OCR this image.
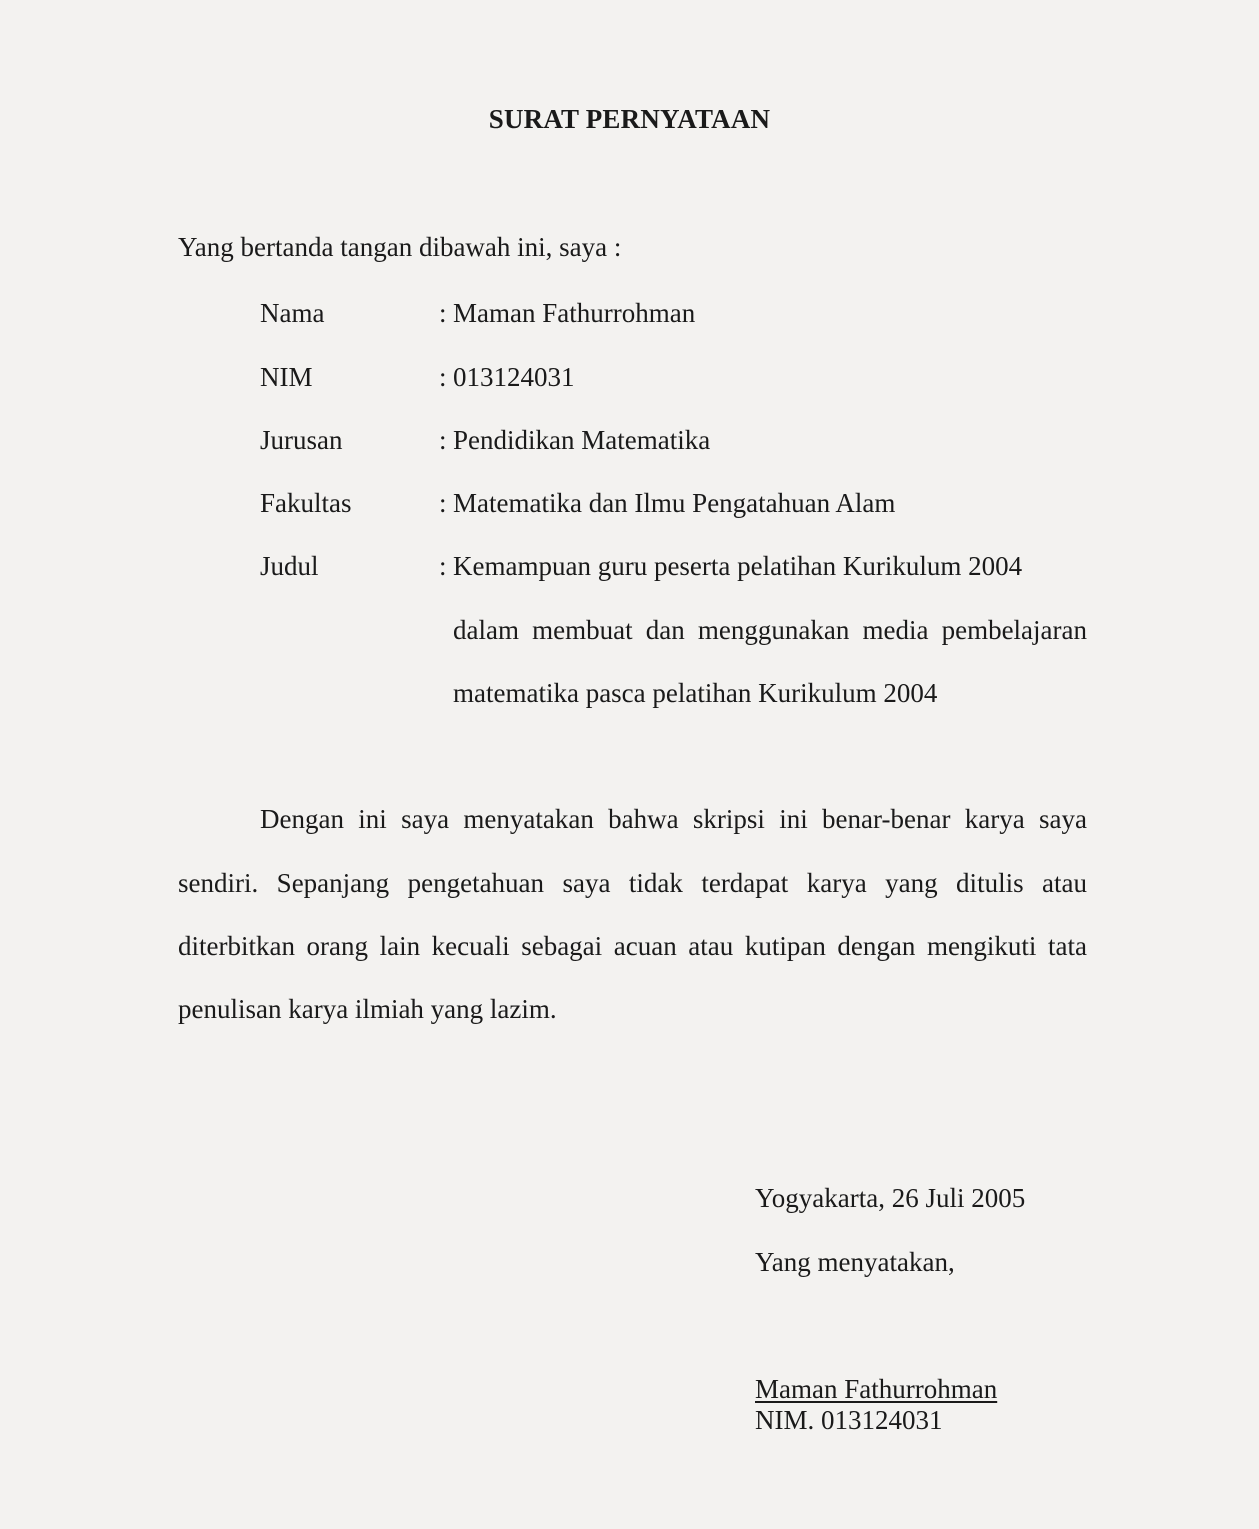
SURAT PERNYATAAN

Yang bertanda tangan dibawah ini, saya :

Nama	: Maman Fathurrohman
NIM	: 013124031
Jurusan	: Pendidikan Matematika
Fakultas	: Matematika dan Ilmu Pengatahuan Alam
Judul	: Kemampuan guru peserta pelatihan Kurikulum 2004
dalam membuat dan menggunakan media pembelajaran
matematika pasca pelatihan Kurikulum 2004
Dengan ini saya menyatakan bahwa skripsi ini benar-benar karya saya
sendiri. Sepanjang pengetahuan saya tidak terdapat karya yang ditulis atau
diterbitkan orang lain kecuali sebagai acuan atau kutipan dengan mengikuti tata
penulisan karya ilmiah yang lazim.
Yogyakarta, 26 Juli 2005
Yang menyatakan,
Maman Fathurrohman
NIM. 013124031
